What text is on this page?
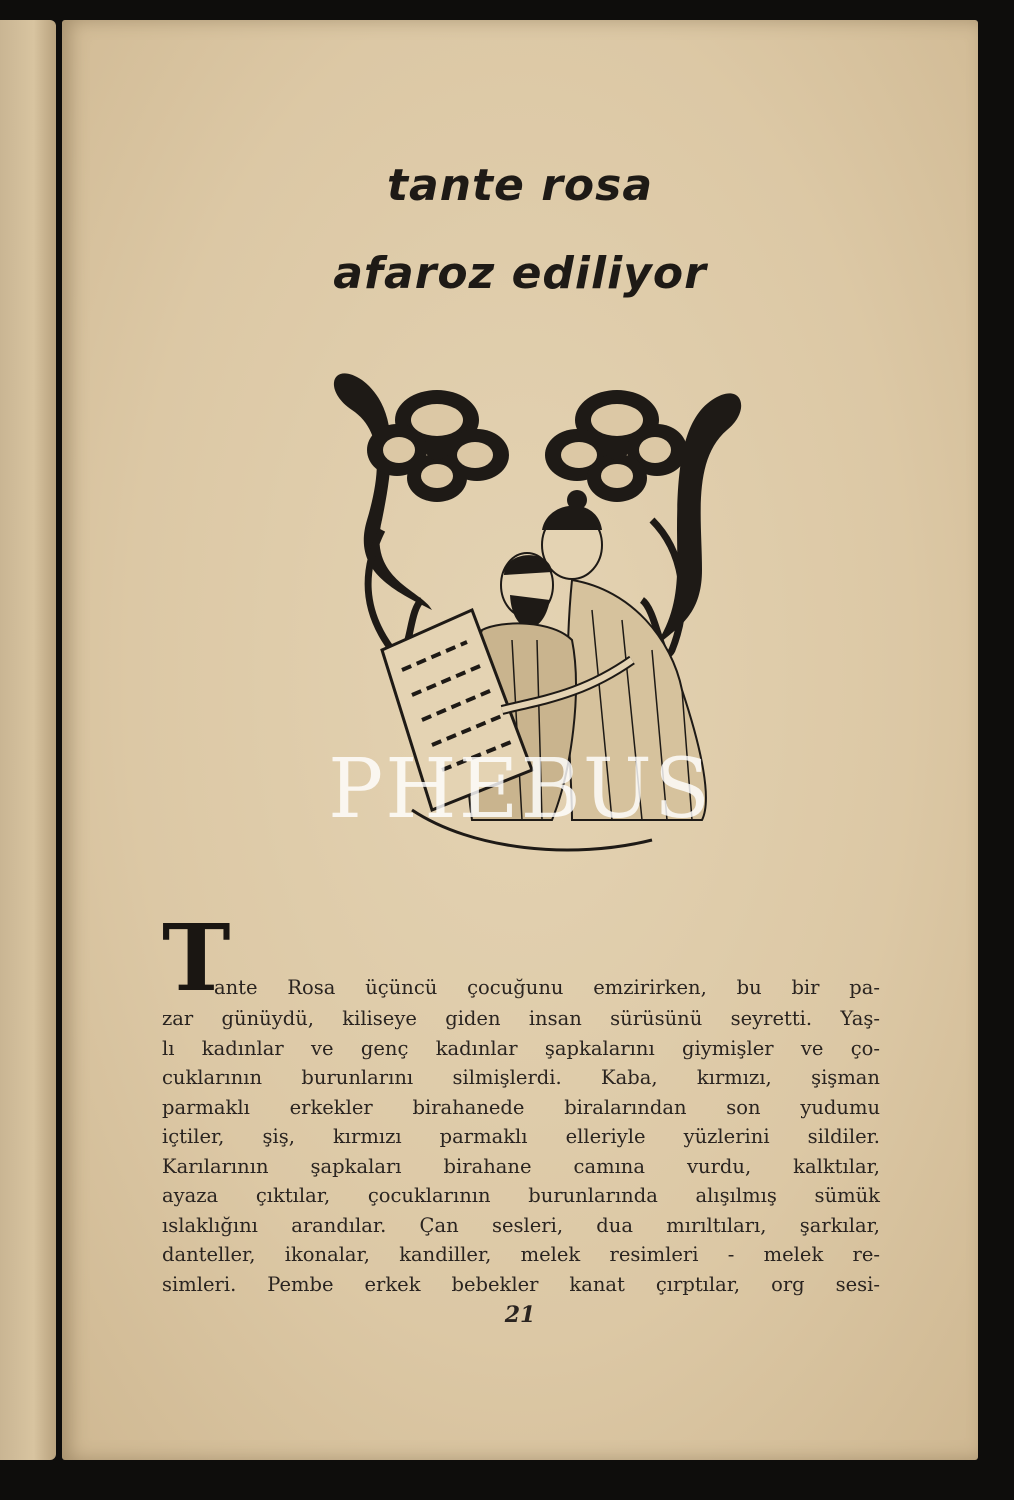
tante rosa
afaroz ediliyor
PHEBUS
T
ante Rosa üçüncü çocuğunu emzirirken, bu bir pa-
zar günüydü, kiliseye giden insan sürüsünü seyretti. Yaş-
lı kadınlar ve genç kadınlar şapkalarını giymişler ve ço-
cuklarının burunlarını silmişlerdi. Kaba, kırmızı, şişman
parmaklı erkekler birahanede biralarından son yudumu
içtiler, şiş, kırmızı parmaklı elleriyle yüzlerini sildiler.
Karılarının şapkaları birahane camına vurdu, kalktılar,
ayaza çıktılar, çocuklarının burunlarında alışılmış sümük
ıslaklığını arandılar. Çan sesleri, dua mırıltıları, şarkılar,
danteller, ikonalar, kandiller, melek resimleri - melek re-
simleri. Pembe erkek bebekler kanat çırptılar, org sesi-
21
